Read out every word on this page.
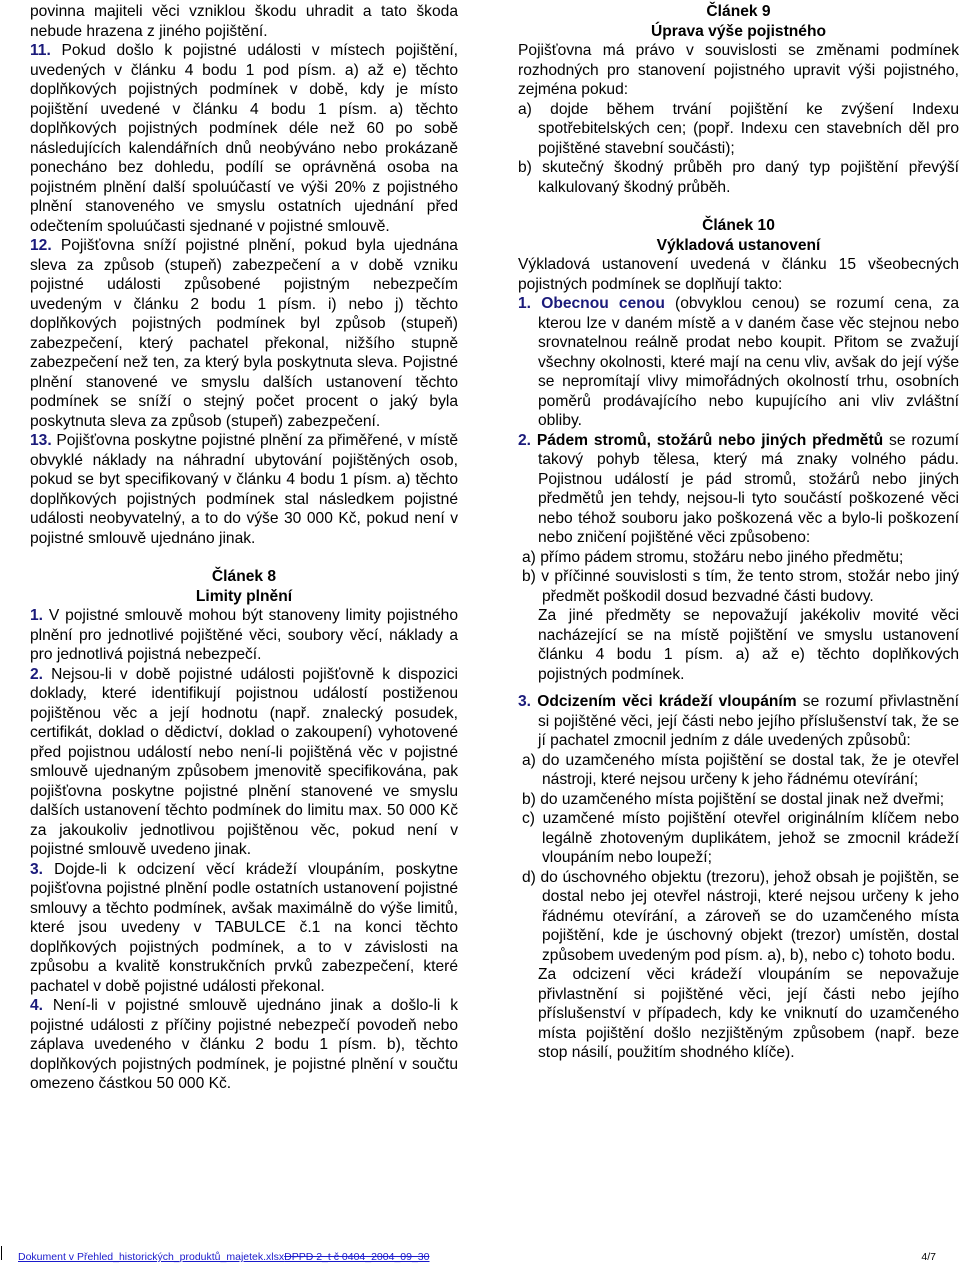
povinna majiteli věci vzniklou škodu uhradit a tato škoda nebude hrazena z jiného pojištění.

11. Pokud došlo k pojistné události v místech pojištění, uvedených v článku 4 bodu 1 pod písm. a) až e) těchto doplňkových pojistných podmínek v době, kdy je místo pojištění uvedené v článku 4 bodu 1 písm. a) těchto doplňkových pojistných podmínek déle než 60 po sobě následujících kalendářních dnů neobýváno nebo prokázaně ponecháno bez dohledu, podílí se oprávněná osoba na pojistném plnění další spoluúčastí ve výši 20% z pojistného plnění stanoveného ve smyslu ostatních ujednání před odečtením spoluúčasti sjednané v pojistné smlouvě.

12. Pojišťovna sníží pojistné plnění, pokud byla ujednána sleva za způsob (stupeň) zabezpečení a v době vzniku pojistné události způsobené pojistným nebezpečím uvedeným v článku 2 bodu 1 písm. i) nebo j) těchto doplňkových pojistných podmínek byl způsob (stupeň) zabezpečení, který pachatel překonal, nižšího stupně zabezpečení než ten, za který byla poskytnuta sleva. Pojistné plnění stanovené ve smyslu dalších ustanovení těchto podmínek se sníží o stejný počet procent o jaký byla poskytnuta sleva za způsob (stupeň) zabezpečení.

13. Pojišťovna poskytne pojistné plnění za přiměřené, v místě obvyklé náklady na náhradní ubytování pojištěných osob, pokud se byt specifikovaný v článku 4 bodu 1 písm. a) těchto doplňkových pojistných podmínek stal následkem pojistné události neobyvatelný, a to do výše 30 000 Kč, pokud není v pojistné smlouvě ujednáno jinak.

Článek 8

Limity plnění

1. V pojistné smlouvě mohou být stanoveny limity pojistného plnění pro jednotlivé pojištěné věci, soubory věcí, náklady a pro jednotlivá pojistná nebezpečí.

2. Nejsou-li v době pojistné události pojišťovně k dispozici doklady, které identifikují pojistnou událostí postiženou pojištěnou věc a její hodnotu (např. znalecký posudek, certifikát, doklad o dědictví, doklad o zakoupení) vyhotovené před pojistnou událostí nebo není-li pojištěná věc v pojistné smlouvě ujednaným způsobem jmenovitě specifikována, pak pojišťovna poskytne pojistné plnění stanovené ve smyslu dalších ustanovení těchto podmínek do limitu max. 50 000 Kč za jakoukoliv jednotlivou pojištěnou věc, pokud není v pojistné smlouvě uvedeno jinak.

3. Dojde-li k odcizení věcí krádeží vloupáním, poskytne pojišťovna pojistné plnění podle ostatních ustanovení pojistné smlouvy a těchto podmínek, avšak maximálně do výše limitů, které jsou uvedeny v TABULCE č.1 na konci těchto doplňkových pojistných podmínek, a to v závislosti na způsobu a kvalitě konstrukčních prvků zabezpečení, které pachatel v době pojistné události překonal.

4. Není-li v pojistné smlouvě ujednáno jinak a došlo-li k pojistné události z příčiny pojistné nebezpečí povodeň nebo záplava uvedeného v článku 2 bodu 1 písm. b), těchto doplňkových pojistných podmínek, je pojistné plnění v součtu omezeno částkou 50 000 Kč.

Článek 9

Úprava výše pojistného

Pojišťovna má právo v souvislosti se změnami podmínek rozhodných pro stanovení pojistného upravit výši pojistného, zejména pokud:

a) dojde během trvání pojištění ke zvýšení Indexu spotřebitelských cen; (popř. Indexu cen stavebních děl pro pojištěné stavební součásti);

b) skutečný škodný průběh pro daný typ pojištění převýší kalkulovaný škodný průběh.

Článek 10

Výkladová ustanovení

Výkladová ustanovení uvedená v článku 15 všeobecných pojistných podmínek se doplňují takto:

1. Obecnou cenou (obvyklou cenou) se rozumí cena, za kterou lze v daném místě a v daném čase věc stejnou nebo srovnatelnou reálně prodat nebo koupit. Přitom se zvažují všechny okolnosti, které mají na cenu vliv, avšak do její výše se nepromítají vlivy mimořádných okolností trhu, osobních poměrů prodávajícího nebo kupujícího ani vliv zvláštní obliby.

2. Pádem stromů, stožárů nebo jiných předmětů se rozumí takový pohyb tělesa, který má znaky volného pádu. Pojistnou událostí je pád stromů, stožárů nebo jiných předmětů jen tehdy, nejsou-li tyto součástí poškozené věci nebo téhož souboru jako poškozená věc a bylo-li poškození nebo zničení pojištěné věci způsobeno:

a) přímo pádem stromu, stožáru nebo jiného předmětu;

b) v příčinné souvislosti s tím, že tento strom, stožár nebo jiný předmět poškodil dosud bezvadné části budovy.

Za jiné předměty se nepovažují jakékoliv movité věci nacházející se na místě pojištění ve smyslu ustanovení článku 4 bodu 1 písm. a) až e) těchto doplňkových pojistných podmínek.

3. Odcizením věci krádeží vloupáním se rozumí přivlastnění si pojištěné věci, její části nebo jejího příslušenství tak, že se jí pachatel zmocnil jedním z dále uvedených způsobů:

a) do uzamčeného místa pojištění se dostal tak, že je otevřel nástroji, které nejsou určeny k jeho řádnému otevírání;

b) do uzamčeného místa pojištění se dostal jinak než dveřmi;

c) uzamčené místo pojištění otevřel originálním klíčem nebo legálně zhotoveným duplikátem, jehož se zmocnil krádeží vloupáním nebo loupeží;

d) do úschovného objektu (trezoru), jehož obsah je pojištěn, se dostal nebo jej otevřel nástroji, které nejsou určeny k jeho řádnému otevírání, a zároveň se do uzamčeného místa pojištění, kde je úschovný objekt (trezor) umístěn, dostal způsobem uvedeným pod písm. a), b), nebo c) tohoto bodu.

Za odcizení věci krádeží vloupáním se nepovažuje přivlastnění si pojištěné věci, její části nebo jejího příslušenství v případech, kdy ke vniknutí do uzamčeného místa pojištění došlo nezjištěným způsobem (např. beze stop násilí, použitím shodného klíče).

Dokument v Přehled_historických_produktů_majetek.xlsxDPPD 2_t č 0404_2004_09_30	4/7
